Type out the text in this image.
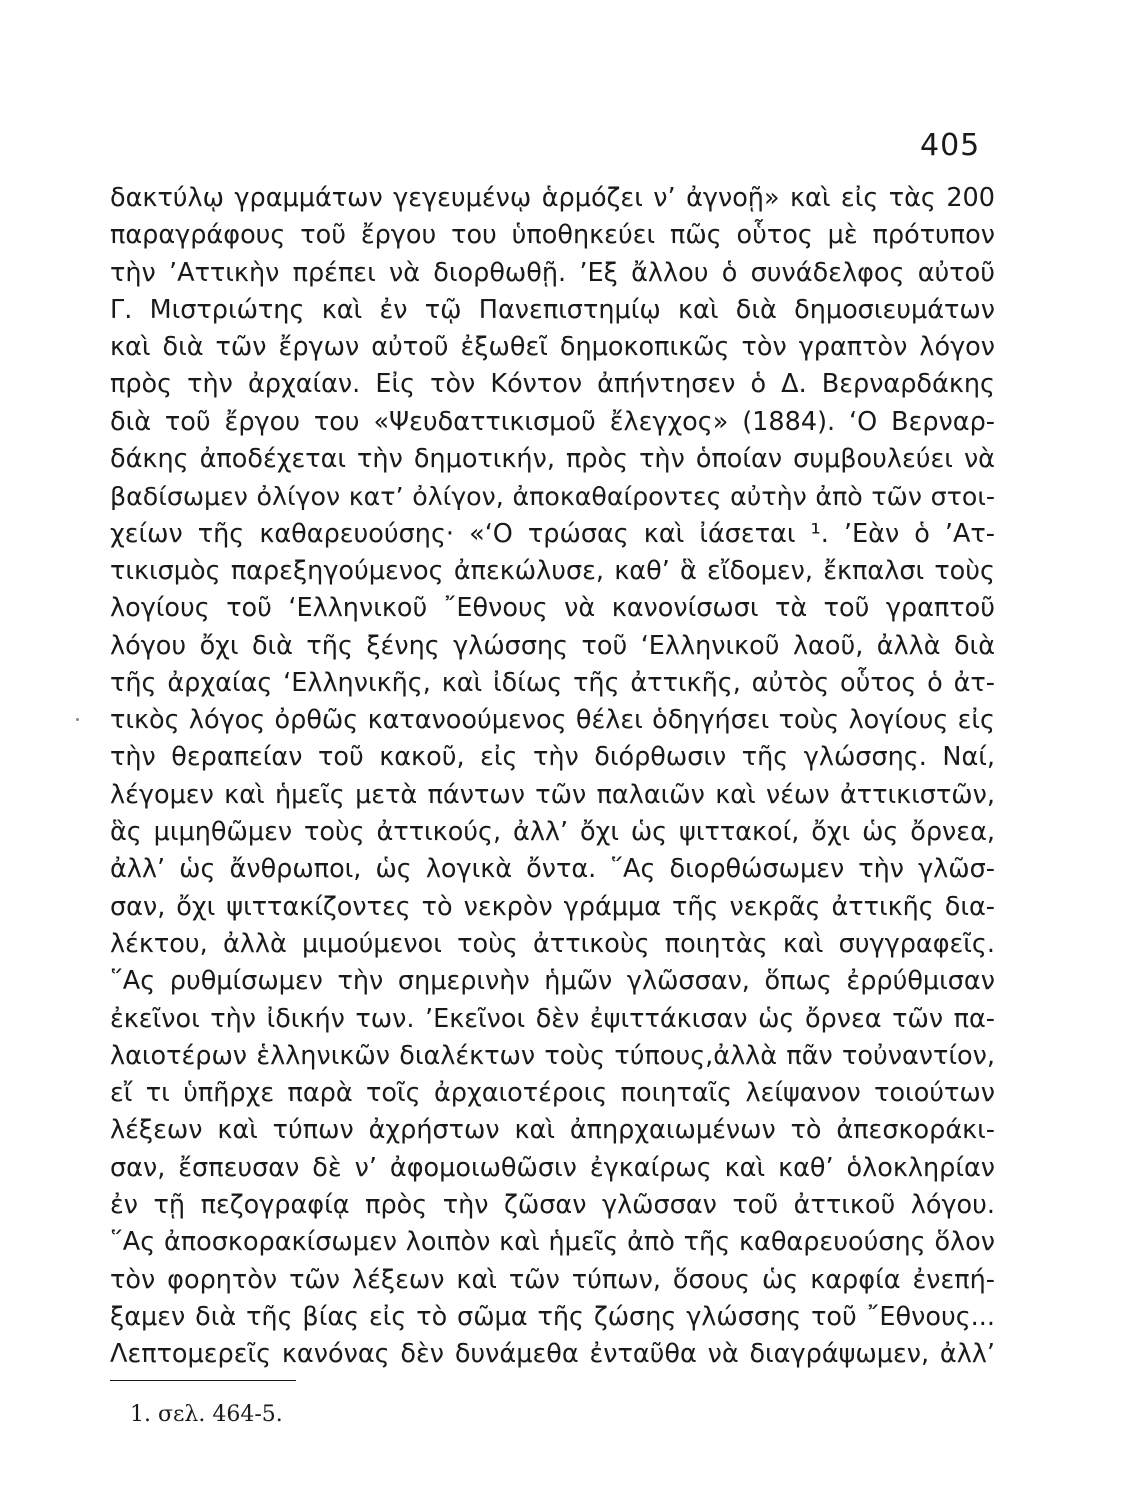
405
δακτύλῳ γραμμάτων γεγευμένῳ ἁρμόζει ν’ ἀγνοῇ» καὶ εἰς τὰς 200
παραγράφους τοῦ ἔργου του ὑποθηκεύει πῶς οὗτος μὲ πρότυπον
τὴν ’Αττικὴν πρέπει νὰ διορθωθῇ. ’Εξ ἄλλου ὁ συνάδελφος αὐτοῦ
Γ. Μιστριώτης καὶ ἐν τῷ Πανεπιστημίῳ καὶ διὰ δημοσιευμάτων
καὶ διὰ τῶν ἔργων αὐτοῦ ἐξωθεῖ δημοκοπικῶς τὸν γραπτὸν λόγον
πρὸς τὴν ἀρχαίαν. Εἰς τὸν Κόντον ἀπήντησεν ὁ Δ. Βερναρδάκης
διὰ τοῦ ἔργου του «Ψευδαττικισμοῦ ἔλεγχος» (1884). ‘Ο Βερναρ-
δάκης ἀποδέχεται τὴν δημοτικήν, πρὸς τὴν ὁποίαν συμβουλεύει νὰ
βαδίσωμεν ὀλίγον κατ’ ὀλίγον, ἀποκαθαίροντες αὐτὴν ἀπὸ τῶν στοι-
χείων τῆς καθαρευούσης· «‘Ο τρώσας καὶ ἰάσεται ¹. ’Εὰν ὁ ’Ατ-
τικισμὸς παρεξηγούμενος ἀπεκώλυσε, καθ’ ἃ εἴδομεν, ἔκπαλσι τοὺς
λογίους τοῦ ‘Ελληνικοῦ ῎Εθνους νὰ κανονίσωσι τὰ τοῦ γραπτοῦ
λόγου ὄχι διὰ τῆς ξένης γλώσσης τοῦ ‘Ελληνικοῦ λαοῦ, ἀλλὰ διὰ
τῆς ἀρχαίας ‘Ελληνικῆς, καὶ ἰδίως τῆς ἀττικῆς, αὐτὸς οὗτος ὁ ἀτ-
τικὸς λόγος ὀρθῶς κατανοούμενος θέλει ὁδηγήσει τοὺς λογίους εἰς
τὴν θεραπείαν τοῦ κακοῦ, εἰς τὴν διόρθωσιν τῆς γλώσσης. Ναί,
λέγομεν καὶ ἡμεῖς μετὰ πάντων τῶν παλαιῶν καὶ νέων ἀττικιστῶν,
ἃς μιμηθῶμεν τοὺς ἀττικούς, ἀλλ’ ὄχι ὡς ψιττακοί, ὄχι ὡς ὄρνεα,
ἀλλ’ ὡς ἄνθρωποι, ὡς λογικὰ ὄντα. ῞Ας διορθώσωμεν τὴν γλῶσ-
σαν, ὄχι ψιττακίζοντες τὸ νεκρὸν γράμμα τῆς νεκρᾶς ἀττικῆς δια-
λέκτου, ἀλλὰ μιμούμενοι τοὺς ἀττικοὺς ποιητὰς καὶ συγγραφεῖς.
῞Ας ρυθμίσωμεν τὴν σημερινὴν ἡμῶν γλῶσσαν, ὅπως ἐρρύθμισαν
ἐκεῖνοι τὴν ἰδικήν των. ’Εκεῖνοι δὲν ἐψιττάκισαν ὡς ὄρνεα τῶν πα-
λαιοτέρων ἑλληνικῶν διαλέκτων τοὺς τύπους,ἀλλὰ πᾶν τοὐναντίον,
εἴ τι ὑπῆρχε παρὰ τοῖς ἀρχαιοτέροις ποιηταῖς λείψανον τοιούτων
λέξεων καὶ τύπων ἀχρήστων καὶ ἀπηρχαιωμένων τὸ ἀπεσκοράκι-
σαν, ἔσπευσαν δὲ ν’ ἀφομοιωθῶσιν ἐγκαίρως καὶ καθ’ ὁλοκληρίαν
ἐν τῇ πεζογραφίᾳ πρὸς τὴν ζῶσαν γλῶσσαν τοῦ ἀττικοῦ λόγου.
῞Ας ἀποσκορακίσωμεν λοιπὸν καὶ ἡμεῖς ἀπὸ τῆς καθαρευούσης ὅλον
τὸν φορητὸν τῶν λέξεων καὶ τῶν τύπων, ὅσους ὡς καρφία ἐνεπή-
ξαμεν διὰ τῆς βίας εἰς τὸ σῶμα τῆς ζώσης γλώσσης τοῦ ῎Εθνους...
Λεπτομερεῖς κανόνας δὲν δυνάμεθα ἐνταῦθα νὰ διαγράψωμεν, ἀλλ’
1. σελ. 464-5.
